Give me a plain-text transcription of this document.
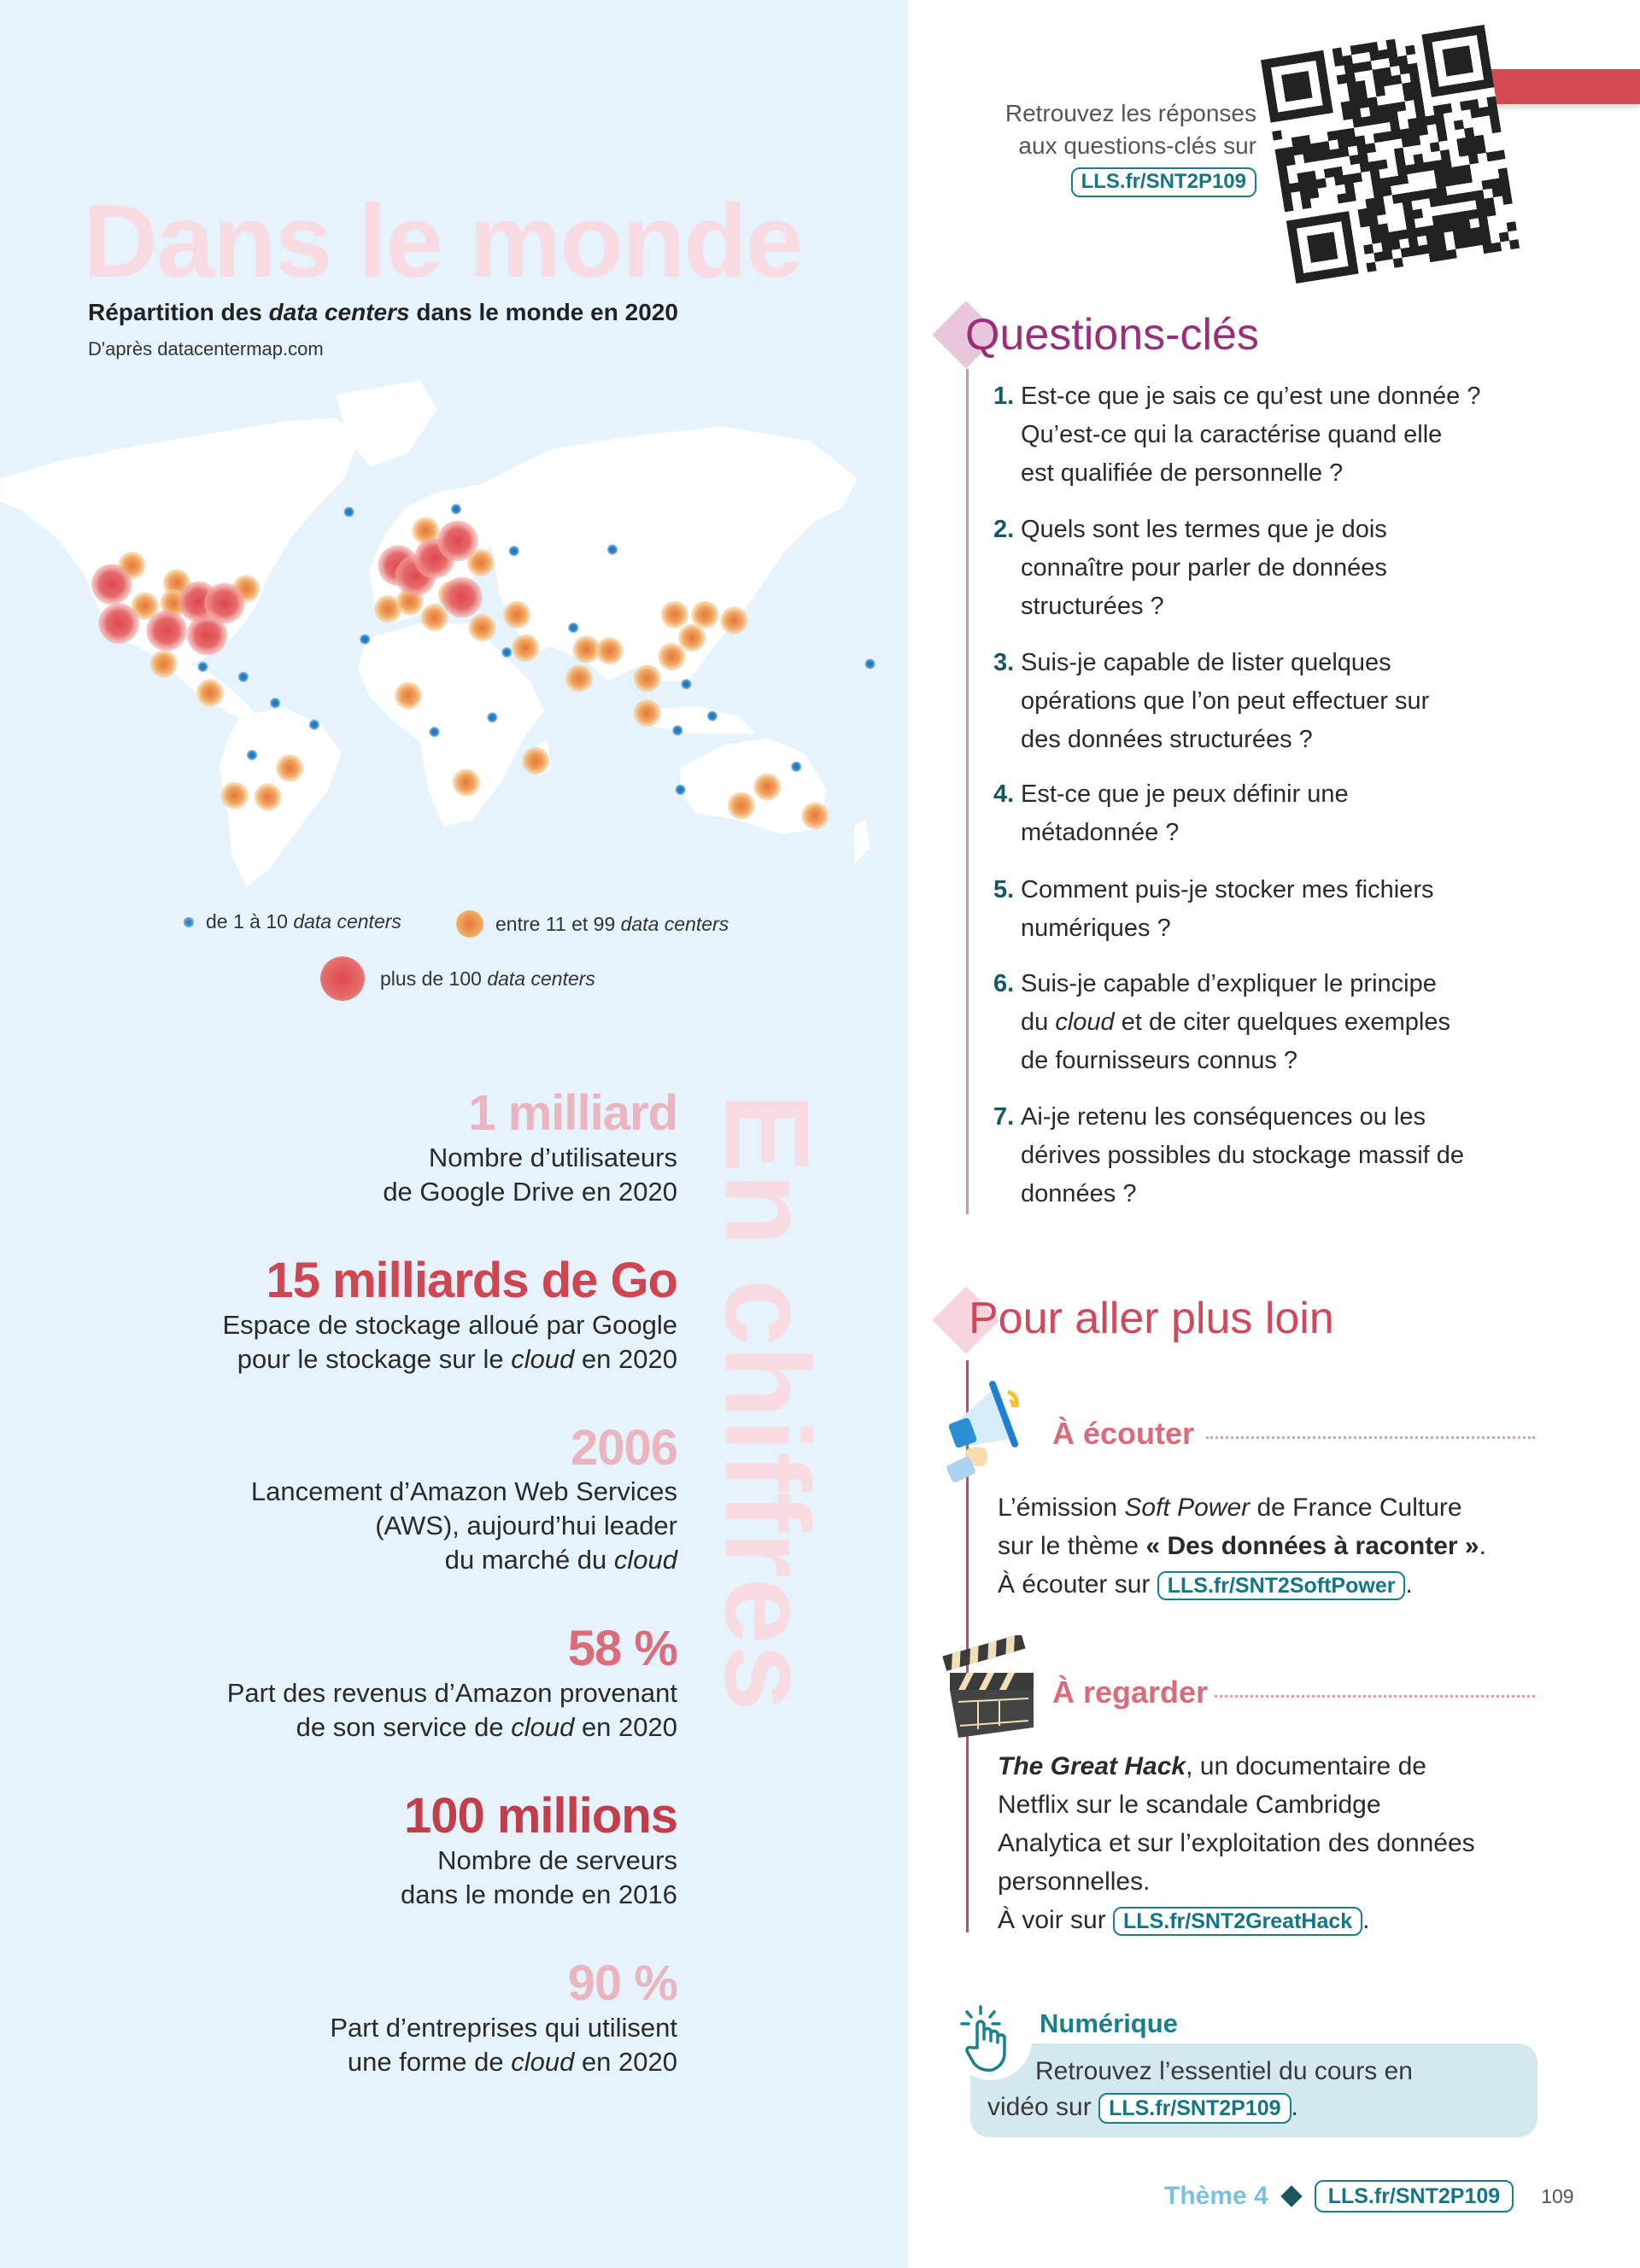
Dans le monde
Répartition des data centers dans le monde en 2020
D'après datacentermap.com
de 1 à 10 data centers	entre 11 et 99 data centers
plus de 100 data centers
En chiffres
1 milliard
Nombre d’utilisateurs
de Google Drive en 2020
15 milliards de Go
Espace de stockage alloué par Google
pour le stockage sur le cloud en 2020
2006
Lancement d’Amazon Web Services
(AWS), aujourd’hui leader
du marché du cloud
58 %
Part des revenus d’Amazon provenant
de son service de cloud en 2020
100 millions
Nombre de serveurs
dans le monde en 2016
90 %
Part d’entreprises qui utilisent
une forme de cloud en 2020
Retrouvez les réponses
aux questions-clés sur
LLS.fr/SNT2P109
Questions-clés
1. Est-ce que je sais ce qu’est une donnée ?
Qu’est-ce qui la caractérise quand elle
est qualifiée de personnelle ?
2. Quels sont les termes que je dois
connaître pour parler de données
structurées ?
3. Suis-je capable de lister quelques
opérations que l’on peut effectuer sur
des données structurées ?
4. Est-ce que je peux définir une
métadonnée ?
5. Comment puis-je stocker mes fichiers
numériques ?
6. Suis-je capable d’expliquer le principe
du cloud et de citer quelques exemples
de fournisseurs connus ?
7. Ai-je retenu les conséquences ou les
dérives possibles du stockage massif de
données ?
Pour aller plus loin
À écouter
L’émission Soft Power de France Culture
sur le thème « Des données à raconter ».
À écouter sur LLS.fr/SNT2SoftPower .
À regarder
The Great Hack, un documentaire de
Netflix sur le scandale Cambridge
Analytica et sur l’exploitation des données
personnelles.
À voir sur LLS.fr/SNT2GreatHack .
Numérique
Retrouvez l’essentiel du cours en
vidéo sur LLS.fr/SNT2P109 .
Thème 4	LLS.fr/SNT2P109	109
